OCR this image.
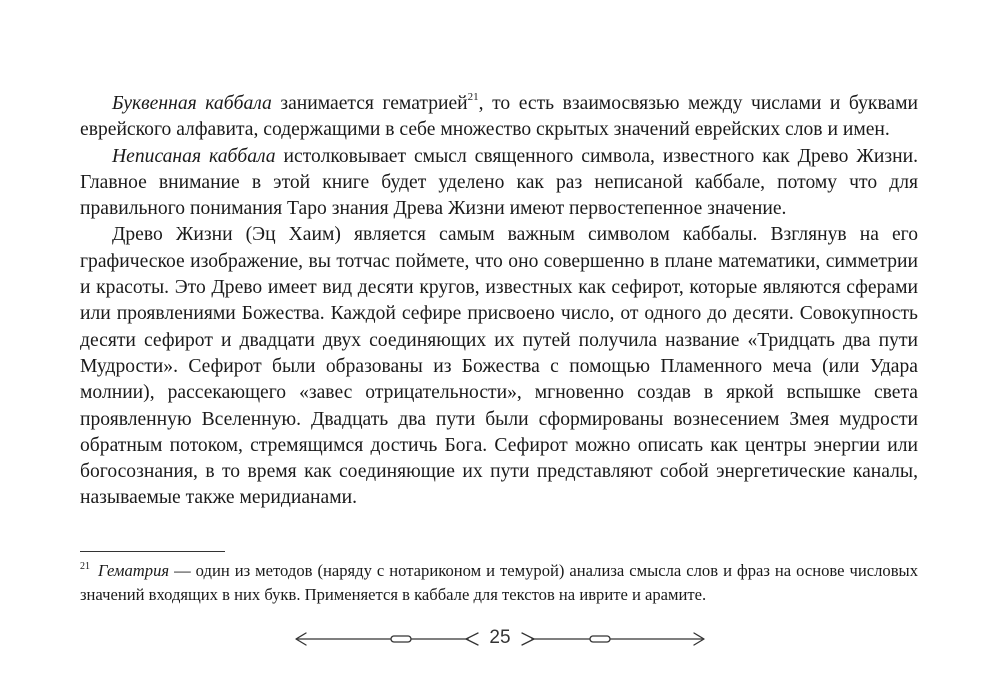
Буквенная каббала занимается гематрией$^{21}$, то есть взаимосвязью между числами и буквами еврейского алфавита, содержащими в себе множество скрытых значений еврейских слов и имен.

Неписаная каббала истолковывает смысл священного символа, известного как Древо Жизни. Главное внимание в этой книге будет уделено как раз неписаной каббале, потому что для правильного понимания Таро знания Древа Жизни имеют первостепенное значение.

Древо Жизни (Эц Хаим) является самым важным символом каббалы. Взглянув на его графическое изображение, вы тотчас поймете, что оно совершенно в плане математики, симметрии и красоты. Это Древо имеет вид десяти кругов, известных как сефирот, которые являются сферами или проявлениями Божества. Каждой сефире присвоено число, от одного до десяти. Совокупность десяти сефирот и двадцати двух соединяющих их путей получила название «Тридцать два пути Мудрости». Сефирот были образованы из Божества с помощью Пламенного меча (или Удара молнии), рассекающего «завес отрицательности», мгновенно создав в яркой вспышке света проявленную Вселенную. Двадцать два пути были сформированы вознесением Змея мудрости обратным потоком, стремящимся достичь Бога. Сефирот можно описать как центры энергии или богосознания, в то время как соединяющие их пути представляют собой энергетические каналы, называемые также меридианами.

$^{21}$ Гематрия — один из методов (наряду с нотариконом и темурой) анализа смысла слов и фраз на основе числовых значений входящих в них букв. Применяется в каббале для текстов на иврите и арамите.

25
